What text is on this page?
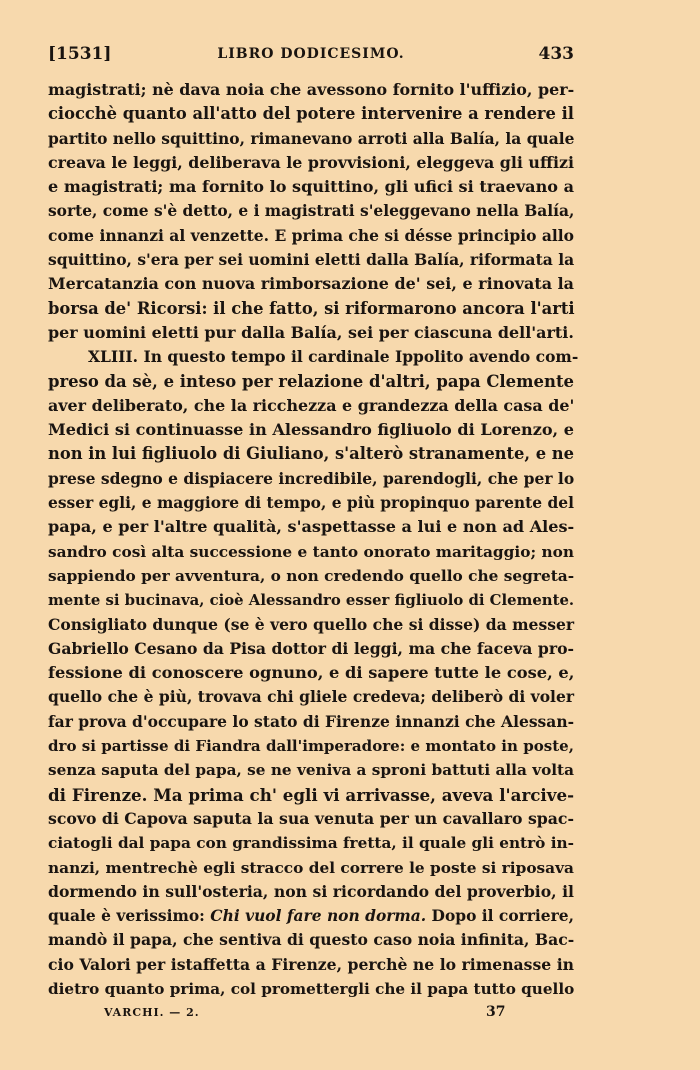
[1531]	LIBRO DODICESIMO.	433
magistrati; nè dava noia che avessono fornito l'uffizio, per-
ciocchè quanto all'atto del potere intervenire a rendere il
partito nello squittino, rimanevano arroti alla Balía, la quale
creava le leggi, deliberava le provvisioni, eleggeva gli uffizi
e magistrati; ma fornito lo squittino, gli ufici si traevano a
sorte, come s'è detto, e i magistrati s'eleggevano nella Balía,
come innanzi al venzette. E prima che si désse principio allo
squittino, s'era per sei uomini eletti dalla Balía, riformata la
Mercatanzia con nuova rimborsazione de' sei, e rinovata la
borsa de' Ricorsi: il che fatto, si riformarono ancora l'arti
per uomini eletti pur dalla Balía, sei per ciascuna dell'arti.
XLIII. In questo tempo il cardinale Ippolito avendo com-
preso da sè, e inteso per relazione d'altri, papa Clemente
aver deliberato, che la ricchezza e grandezza della casa de'
Medici si continuasse in Alessandro figliuolo di Lorenzo, e
non in lui figliuolo di Giuliano, s'alterò stranamente, e ne
prese sdegno e dispiacere incredibile, parendogli, che per lo
esser egli, e maggiore di tempo, e più propinquo parente del
papa, e per l'altre qualità, s'aspettasse a lui e non ad Ales-
sandro così alta successione e tanto onorato maritaggio; non
sappiendo per avventura, o non credendo quello che segreta-
mente si bucinava, cioè Alessandro esser figliuolo di Clemente.
Consigliato dunque (se è vero quello che si disse) da messer
Gabriello Cesano da Pisa dottor di leggi, ma che faceva pro-
fessione di conoscere ognuno, e di sapere tutte le cose, e,
quello che è più, trovava chi gliele credeva; deliberò di voler
far prova d'occupare lo stato di Firenze innanzi che Alessan-
dro si partisse di Fiandra dall'imperadore: e montato in poste,
senza saputa del papa, se ne veniva a sproni battuti alla volta
di Firenze. Ma prima ch' egli vi arrivasse, aveva l'arcive-
scovo di Capova saputa la sua venuta per un cavallaro spac-
ciatogli dal papa con grandissima fretta, il quale gli entrò in-
nanzi, mentrechè egli stracco del correre le poste si riposava
dormendo in sull'osteria, non si ricordando del proverbio, il
quale è verissimo: Chi vuol fare non dorma. Dopo il corriere,
mandò il papa, che sentiva di questo caso noia infinita, Bac-
cio Valori per istaffetta a Firenze, perchè ne lo rimenasse in
dietro quanto prima, col promettergli che il papa tutto quello
VARCHI. — 2.	37
